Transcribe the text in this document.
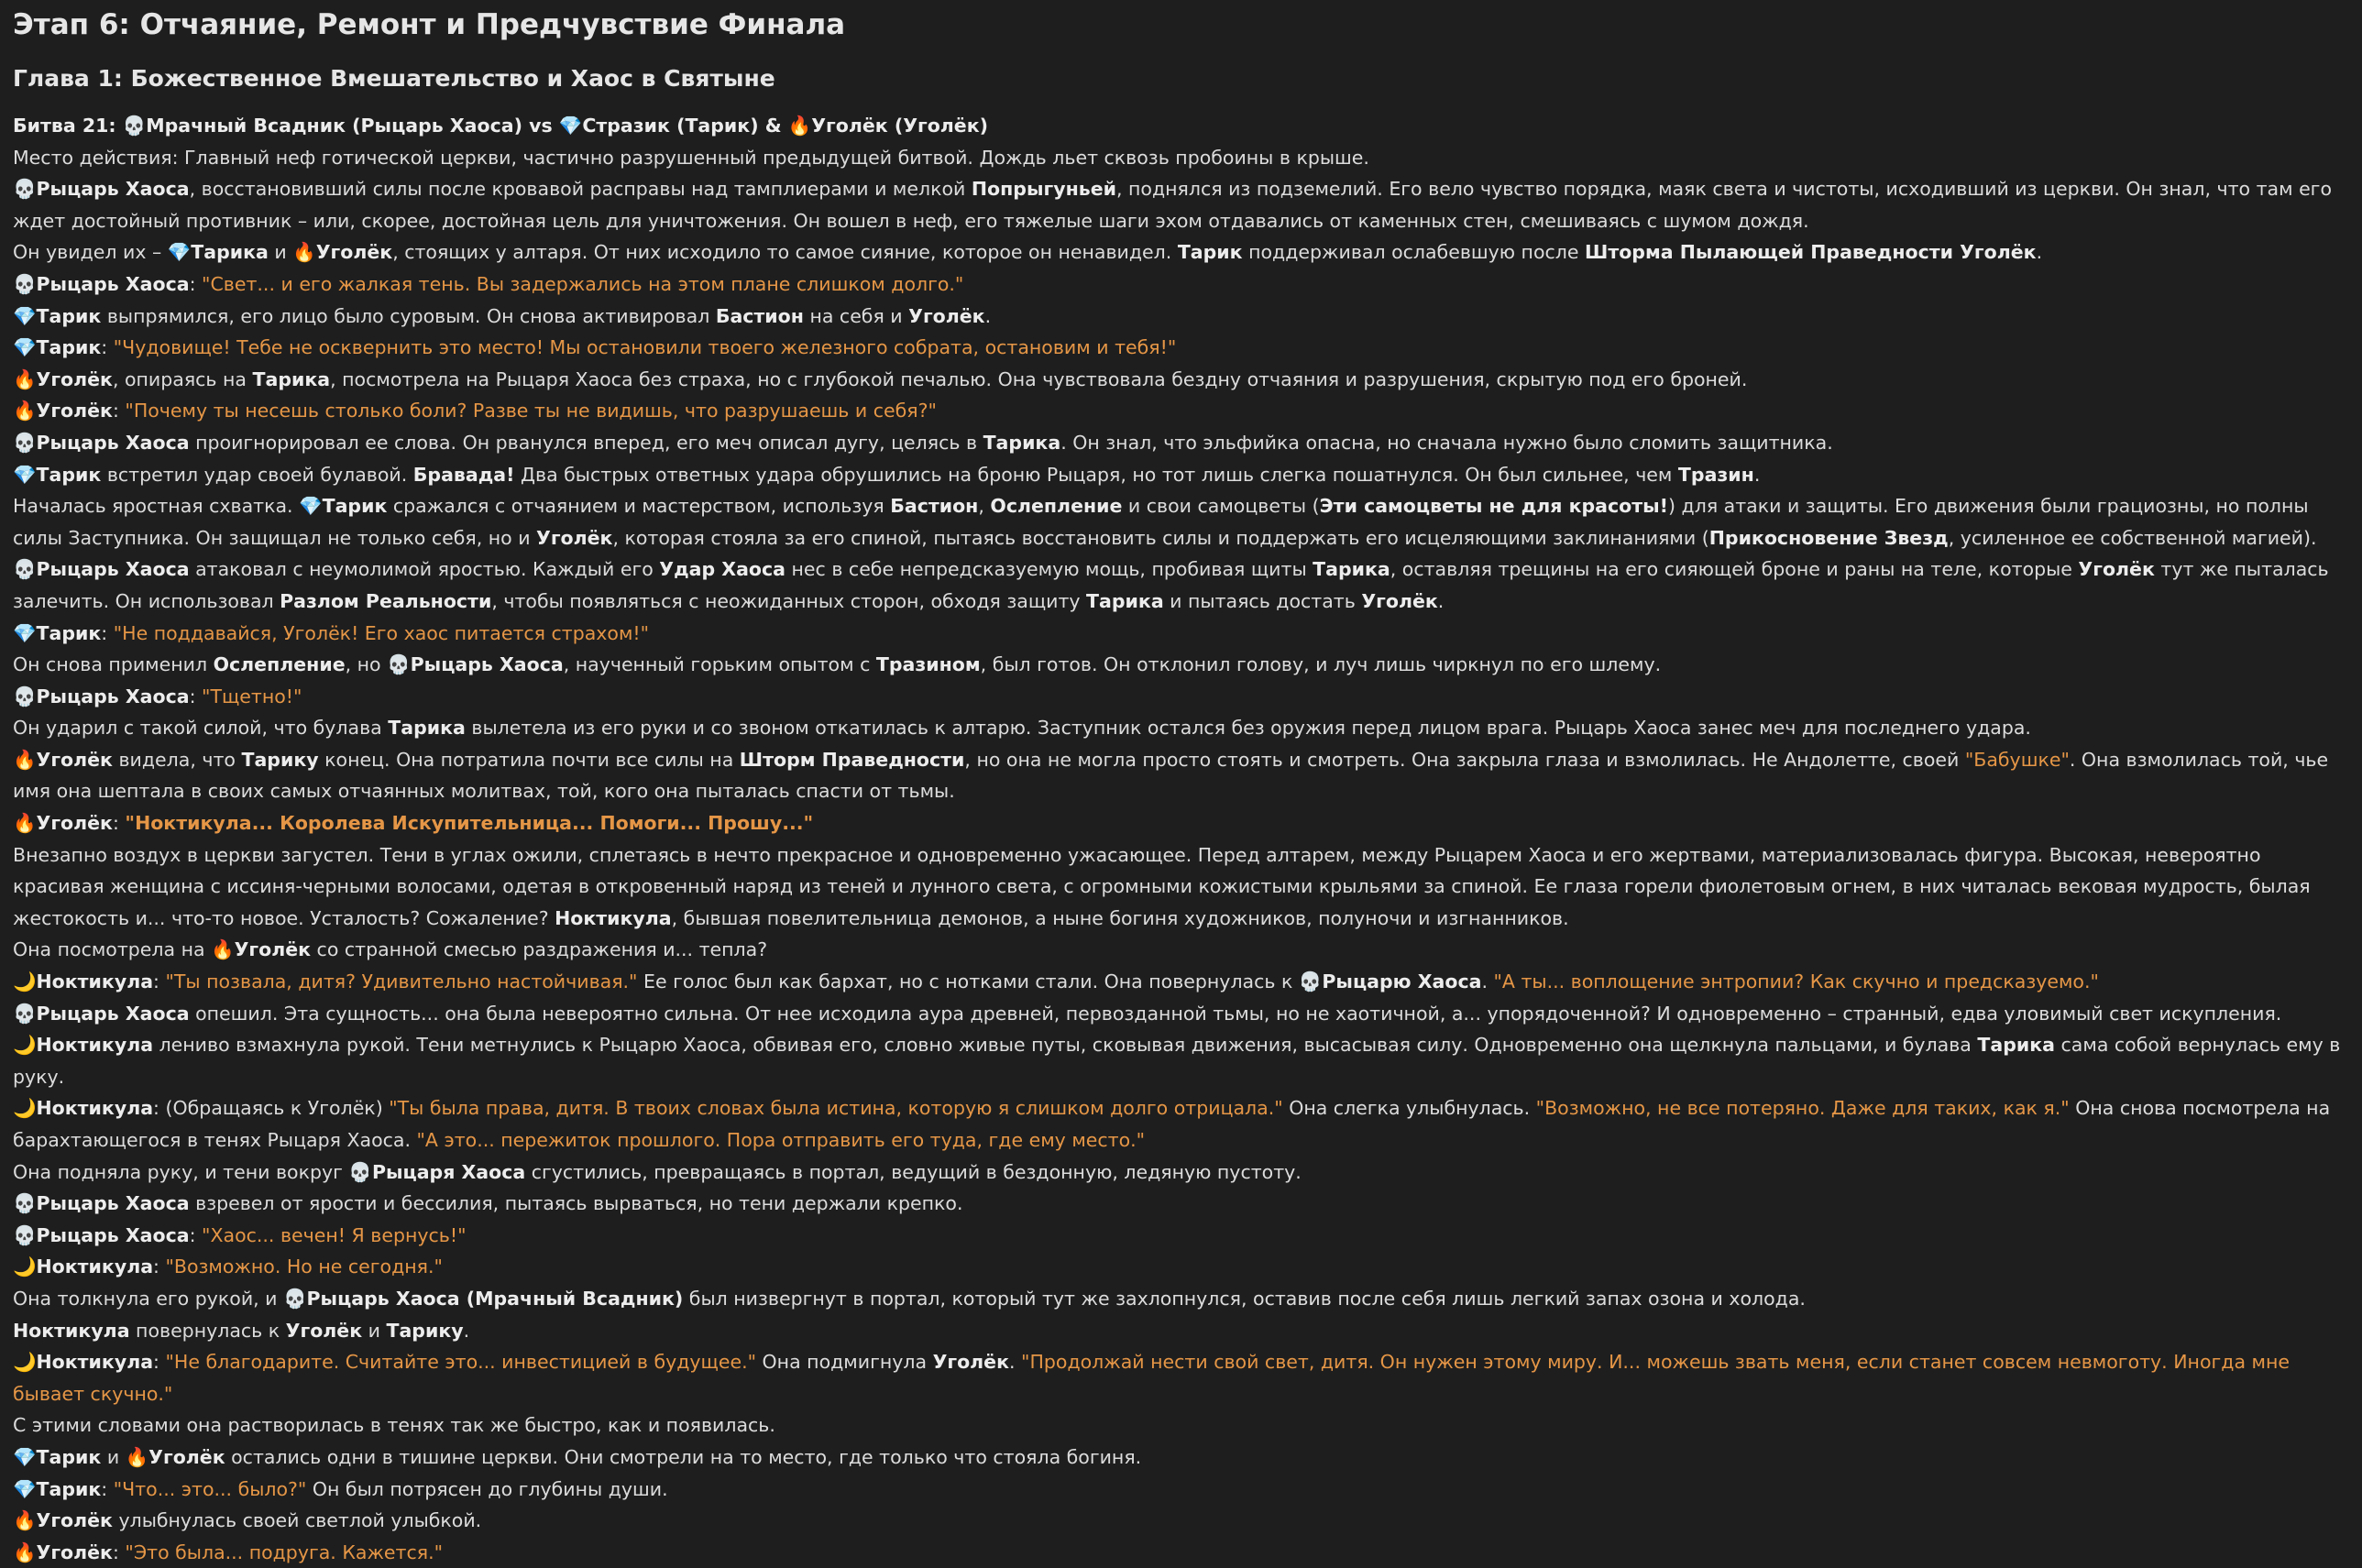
Этап 6: Отчаяние, Ремонт и Предчувствие Финала
Глава 1: Божественное Вмешательство и Хаос в Святыне

Битва 21: 💀Мрачный Всадник (Рыцарь Хаоса) vs 💎Стразик (Тарик) & 🔥Уголёк (Уголёк)

Место действия: Главный неф готической церкви, частично разрушенный предыдущей битвой. Дождь льет сквозь пробоины в крыше.

💀Рыцарь Хаоса, восстановивший силы после кровавой расправы над тамплиерами и мелкой Попрыгуньей, поднялся из подземелий. Его вело чувство порядка, маяк света и чистоты, исходивший из церкви. Он знал, что там его ждет достойный противник – или, скорее, достойная цель для уничтожения. Он вошел в неф, его тяжелые шаги эхом отдавались от каменных стен, смешиваясь с шумом дождя.

Он увидел их – 💎Тарика и 🔥Уголёк, стоящих у алтаря. От них исходило то самое сияние, которое он ненавидел. Тарик поддерживал ослабевшую после Шторма Пылающей Праведности Уголёк.

💀Рыцарь Хаоса: "Свет... и его жалкая тень. Вы задержались на этом плане слишком долго."

💎Тарик выпрямился, его лицо было суровым. Он снова активировал Бастион на себя и Уголёк.

💎Тарик: "Чудовище! Тебе не осквернить это место! Мы остановили твоего железного собрата, остановим и тебя!"

🔥Уголёк, опираясь на Тарика, посмотрела на Рыцаря Хаоса без страха, но с глубокой печалью. Она чувствовала бездну отчаяния и разрушения, скрытую под его броней.

🔥Уголёк: "Почему ты несешь столько боли? Разве ты не видишь, что разрушаешь и себя?"

💀Рыцарь Хаоса проигнорировал ее слова. Он рванулся вперед, его меч описал дугу, целясь в Тарика. Он знал, что эльфийка опасна, но сначала нужно было сломить защитника.

💎Тарик встретил удар своей булавой. Бравада! Два быстрых ответных удара обрушились на броню Рыцаря, но тот лишь слегка пошатнулся. Он был сильнее, чем Тразин.

Началась яростная схватка. 💎Тарик сражался с отчаянием и мастерством, используя Бастион, Ослепление и свои самоцветы (Эти самоцветы не для красоты!) для атаки и защиты. Его движения были грациозны, но полны силы Заступника. Он защищал не только себя, но и Уголёк, которая стояла за его спиной, пытаясь восстановить силы и поддержать его исцеляющими заклинаниями (Прикосновение Звезд, усиленное ее собственной магией).

💀Рыцарь Хаоса атаковал с неумолимой яростью. Каждый его Удар Хаоса нес в себе непредсказуемую мощь, пробивая щиты Тарика, оставляя трещины на его сияющей броне и раны на теле, которые Уголёк тут же пыталась залечить. Он использовал Разлом Реальности, чтобы появляться с неожиданных сторон, обходя защиту Тарика и пытаясь достать Уголёк.

💎Тарик: "Не поддавайся, Уголёк! Его хаос питается страхом!"

Он снова применил Ослепление, но 💀Рыцарь Хаоса, наученный горьким опытом с Тразином, был готов. Он отклонил голову, и луч лишь чиркнул по его шлему.

💀Рыцарь Хаоса: "Тщетно!"

Он ударил с такой силой, что булава Тарика вылетела из его руки и со звоном откатилась к алтарю. Заступник остался без оружия перед лицом врага. Рыцарь Хаоса занес меч для последнего удара.

🔥Уголёк видела, что Тарику конец. Она потратила почти все силы на Шторм Праведности, но она не могла просто стоять и смотреть. Она закрыла глаза и взмолилась. Не Андолетте, своей "Бабушке". Она взмолилась той, чье имя она шептала в своих самых отчаянных молитвах, той, кого она пыталась спасти от тьмы.

🔥Уголёк: "Ноктикула... Королева Искупительница... Помоги... Прошу..."

Внезапно воздух в церкви загустел. Тени в углах ожили, сплетаясь в нечто прекрасное и одновременно ужасающее. Перед алтарем, между Рыцарем Хаоса и его жертвами, материализовалась фигура. Высокая, невероятно красивая женщина с иссиня-черными волосами, одетая в откровенный наряд из теней и лунного света, с огромными кожистыми крыльями за спиной. Ее глаза горели фиолетовым огнем, в них читалась вековая мудрость, былая жестокость и... что-то новое. Усталость? Сожаление? Ноктикула, бывшая повелительница демонов, а ныне богиня художников, полуночи и изгнанников.

Она посмотрела на 🔥Уголёк со странной смесью раздражения и... тепла?

🌙Ноктикула: "Ты позвала, дитя? Удивительно настойчивая." Ее голос был как бархат, но с нотками стали. Она повернулась к 💀Рыцарю Хаоса. "А ты... воплощение энтропии? Как скучно и предсказуемо."

💀Рыцарь Хаоса опешил. Эта сущность... она была невероятно сильна. От нее исходила аура древней, первозданной тьмы, но не хаотичной, а... упорядоченной? И одновременно – странный, едва уловимый свет искупления.

🌙Ноктикула лениво взмахнула рукой. Тени метнулись к Рыцарю Хаоса, обвивая его, словно живые путы, сковывая движения, высасывая силу. Одновременно она щелкнула пальцами, и булава Тарика сама собой вернулась ему в руку.

🌙Ноктикула: (Обращаясь к Уголёк) "Ты была права, дитя. В твоих словах была истина, которую я слишком долго отрицала." Она слегка улыбнулась. "Возможно, не все потеряно. Даже для таких, как я." Она снова посмотрела на барахтающегося в тенях Рыцаря Хаоса. "А это... пережиток прошлого. Пора отправить его туда, где ему место."

Она подняла руку, и тени вокруг 💀Рыцаря Хаоса сгустились, превращаясь в портал, ведущий в бездонную, ледяную пустоту.

💀Рыцарь Хаоса взревел от ярости и бессилия, пытаясь вырваться, но тени держали крепко.

💀Рыцарь Хаоса: "Хаос... вечен! Я вернусь!"

🌙Ноктикула: "Возможно. Но не сегодня."

Она толкнула его рукой, и 💀Рыцарь Хаоса (Мрачный Всадник) был низвергнут в портал, который тут же захлопнулся, оставив после себя лишь легкий запах озона и холода.

Ноктикула повернулась к Уголёк и Тарику.

🌙Ноктикула: "Не благодарите. Считайте это... инвестицией в будущее." Она подмигнула Уголёк. "Продолжай нести свой свет, дитя. Он нужен этому миру. И... можешь звать меня, если станет совсем невмоготу. Иногда мне бывает скучно."

С этими словами она растворилась в тенях так же быстро, как и появилась.

💎Тарик и 🔥Уголёк остались одни в тишине церкви. Они смотрели на то место, где только что стояла богиня.

💎Тарик: "Что... это... было?" Он был потрясен до глубины души.

🔥Уголёк улыбнулась своей светлой улыбкой.

🔥Уголёк: "Это была... подруга. Кажется."
